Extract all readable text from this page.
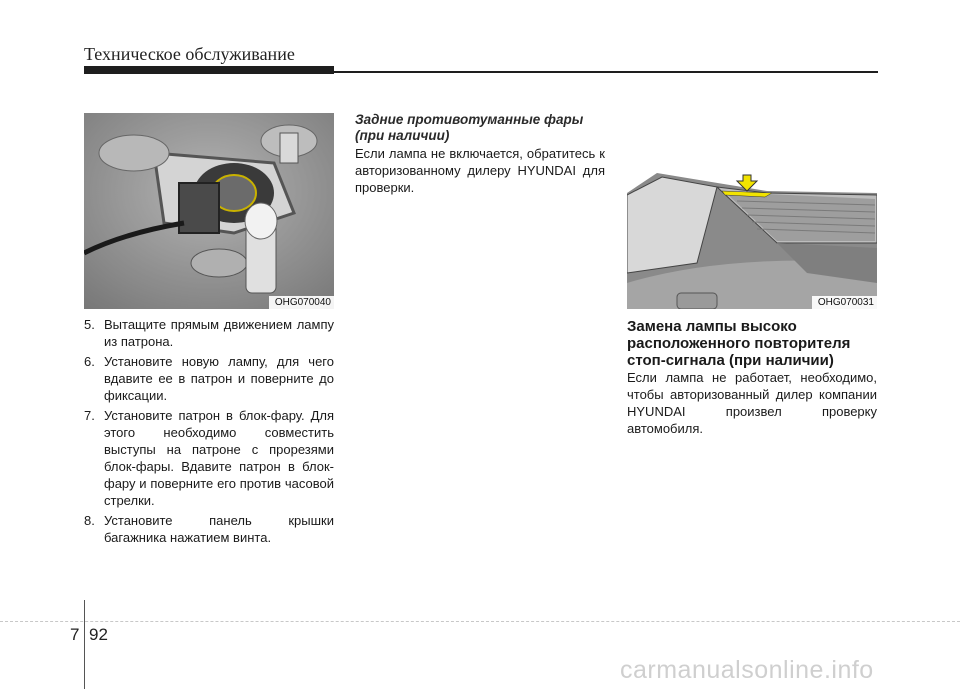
Техническое обслуживание
OHG070040
5. Вытащите прямым движением лампу из патрона.
6. Установите новую лампу, для чего вдавите ее в патрон и поверните до фиксации.
7. Установите патрон в блок-фару. Для этого необходимо совместить выступы на патроне с прорезями блок-фары. Вдавите патрон в блок-фару и поверните его против часовой стрелки.
8. Установите панель крышки багажника нажатием винта.
Задние противотуманные фары (при наличии)
Если лампа не включается, обратитесь к авторизованному дилеру HYUNDAI для проверки.
OHG070031
Замена лампы высоко расположенного повторителя стоп-сигнала (при наличии)
Если лампа не работает, необходимо, чтобы авторизованный дилер компании HYUNDAI произвел проверку автомобиля.
7 92
carmanualsonline.info
